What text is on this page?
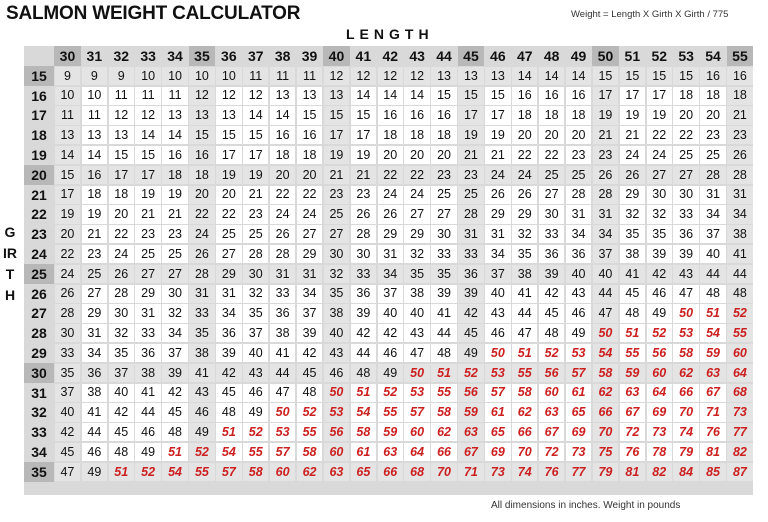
SALMON WEIGHT CALCULATOR	Weight = Length X Girth X Girth / 775
LENGTH
GIRTH
30 31 32 33 34 35 36 37 38 39 40 41 42 43 44 45 46 47 48 49 50 51 52 53 54 55
15	9	9	9	10	10	10	10	11	11	11	12	12	12	12	13	13	13	14	14	14	15	15	15	15	16	16
16	10	10	11	11	11	12	12	12	13	13	13	14	14	14	15	15	15	16	16	16	17	17	17	18	18	18
17	11	11	12	12	13	13	13	14	14	15	15	15	16	16	16	17	17	18	18	18	19	19	19	20	20	21
18	13	13	13	14	14	15	15	15	16	16	17	17	18	18	18	19	19	20	20	20	21	21	22	22	23	23
19	14	14	15	15	16	16	17	17	18	18	19	19	20	20	20	21	21	22	22	23	23	24	24	25	25	26
20	15	16	17	17	18	18	19	19	20	20	21	21	22	22	23	23	24	24	25	25	26	26	27	27	28	28
21	17	18	18	19	19	20	20	21	22	22	23	23	24	24	25	25	26	26	27	28	28	29	30	30	31	31
22	19	19	20	21	21	22	22	23	24	24	25	26	26	27	27	28	29	29	30	31	31	32	32	33	34	34
23	20	21	22	23	23	24	25	25	26	27	27	28	29	29	30	31	31	32	33	34	34	35	35	36	37	38
24	22	23	24	25	25	26	27	28	28	29	30	30	31	32	33	33	34	35	36	36	37	38	39	39	40	41
25	24	25	26	27	27	28	29	30	31	31	32	33	34	35	35	36	37	38	39	40	40	41	42	43	44	44
26	26	27	28	29	30	31	31	32	33	34	35	36	37	38	39	39	40	41	42	43	44	45	46	47	48	48
27	28	29	30	31	32	33	34	35	36	37	38	39	40	40	41	42	43	44	45	46	47	48	49	50	51	52
28	30	31	32	33	34	35	36	37	38	39	40	42	42	43	44	45	46	47	48	49	50	51	52	53	54	55
29	33	34	35	36	37	38	39	40	41	42	43	44	46	47	48	49	50	51	52	53	54	55	56	58	59	60
30	35	36	37	38	39	41	42	43	44	45	46	48	49	50	51	52	53	55	56	57	58	59	60	62	63	64
31	37	38	40	41	42	43	45	46	47	48	50	51	52	53	55	56	57	58	60	61	62	63	64	66	67	68
32	40	41	42	44	45	46	48	49	50	52	53	54	55	57	58	59	61	62	63	65	66	67	69	70	71	73
33	42	44	45	46	48	49	51	52	53	55	56	58	59	60	62	63	65	66	67	69	70	72	73	74	76	77
34	45	46	48	49	51	52	54	55	57	58	60	61	63	64	66	67	69	70	72	73	75	76	78	79	81	82
35	47	49	51	52	54	55	57	58	60	62	63	65	66	68	70	71	73	74	76	77	79	81	82	84	85	87
All dimensions in inches. Weight in pounds
